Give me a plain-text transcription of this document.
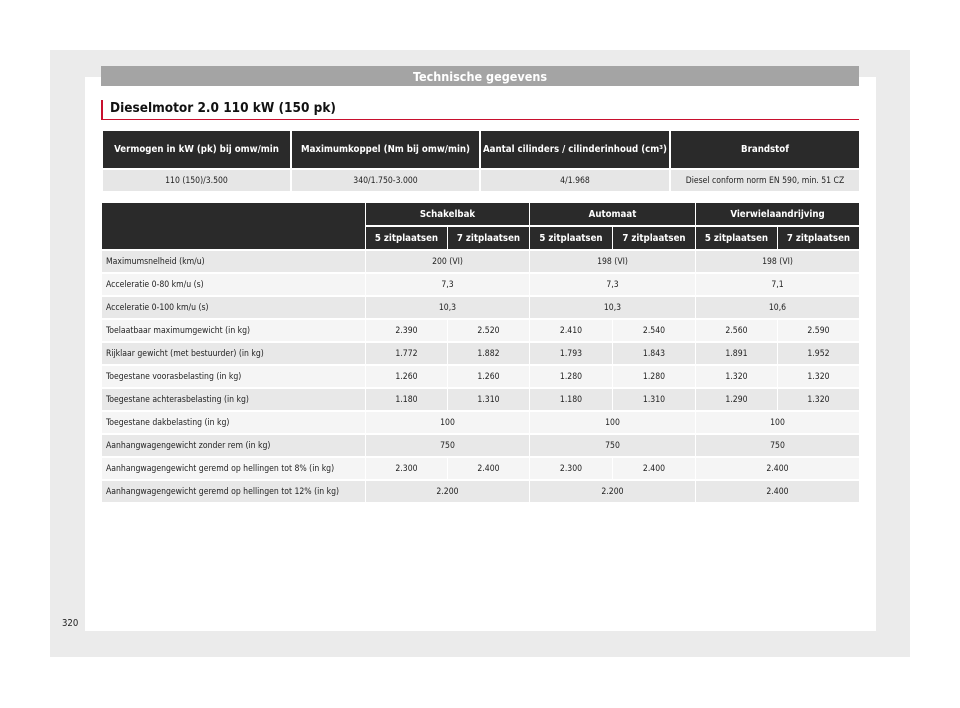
Technische gegevens
Dieselmotor 2.0 110 kW (150 pk)
Vermogen in kW (pk) bij omw/min	Maximumkoppel (Nm bij omw/min)	Aantal cilinders / cilinderinhoud (cm³)	Brandstof
110 (150)/3.500	340/1.750-3.000	4/1.968	Diesel conform norm EN 590, min. 51 CZ
	Schakelbak		Automaat		Vierwielaandrijving	
	5 zitplaatsen	7 zitplaatsen	5 zitplaatsen	7 zitplaatsen	5 zitplaatsen	7 zitplaatsen
Maximumsnelheid (km/u)	200 (VI)		198 (VI)		198 (VI)	
Acceleratie 0-80 km/u (s)	7,3		7,3		7,1	
Acceleratie 0-100 km/u (s)	10,3		10,3		10,6	
Toelaatbaar maximumgewicht (in kg)	2.390	2.520	2.410	2.540	2.560	2.590
Rijklaar gewicht (met bestuurder) (in kg)	1.772	1.882	1.793	1.843	1.891	1.952
Toegestane voorasbelasting (in kg)	1.260	1.260	1.280	1.280	1.320	1.320
Toegestane achterasbelasting (in kg)	1.180	1.310	1.180	1.310	1.290	1.320
Toegestane dakbelasting (in kg)	100		100		100	
Aanhangwagengewicht zonder rem (in kg)	750		750		750	
Aanhangwagengewicht geremd op hellingen tot 8% (in kg)	2.300	2.400	2.300	2.400	2.400	
Aanhangwagengewicht geremd op hellingen tot 12% (in kg)	2.200		2.200		2.400	
320
